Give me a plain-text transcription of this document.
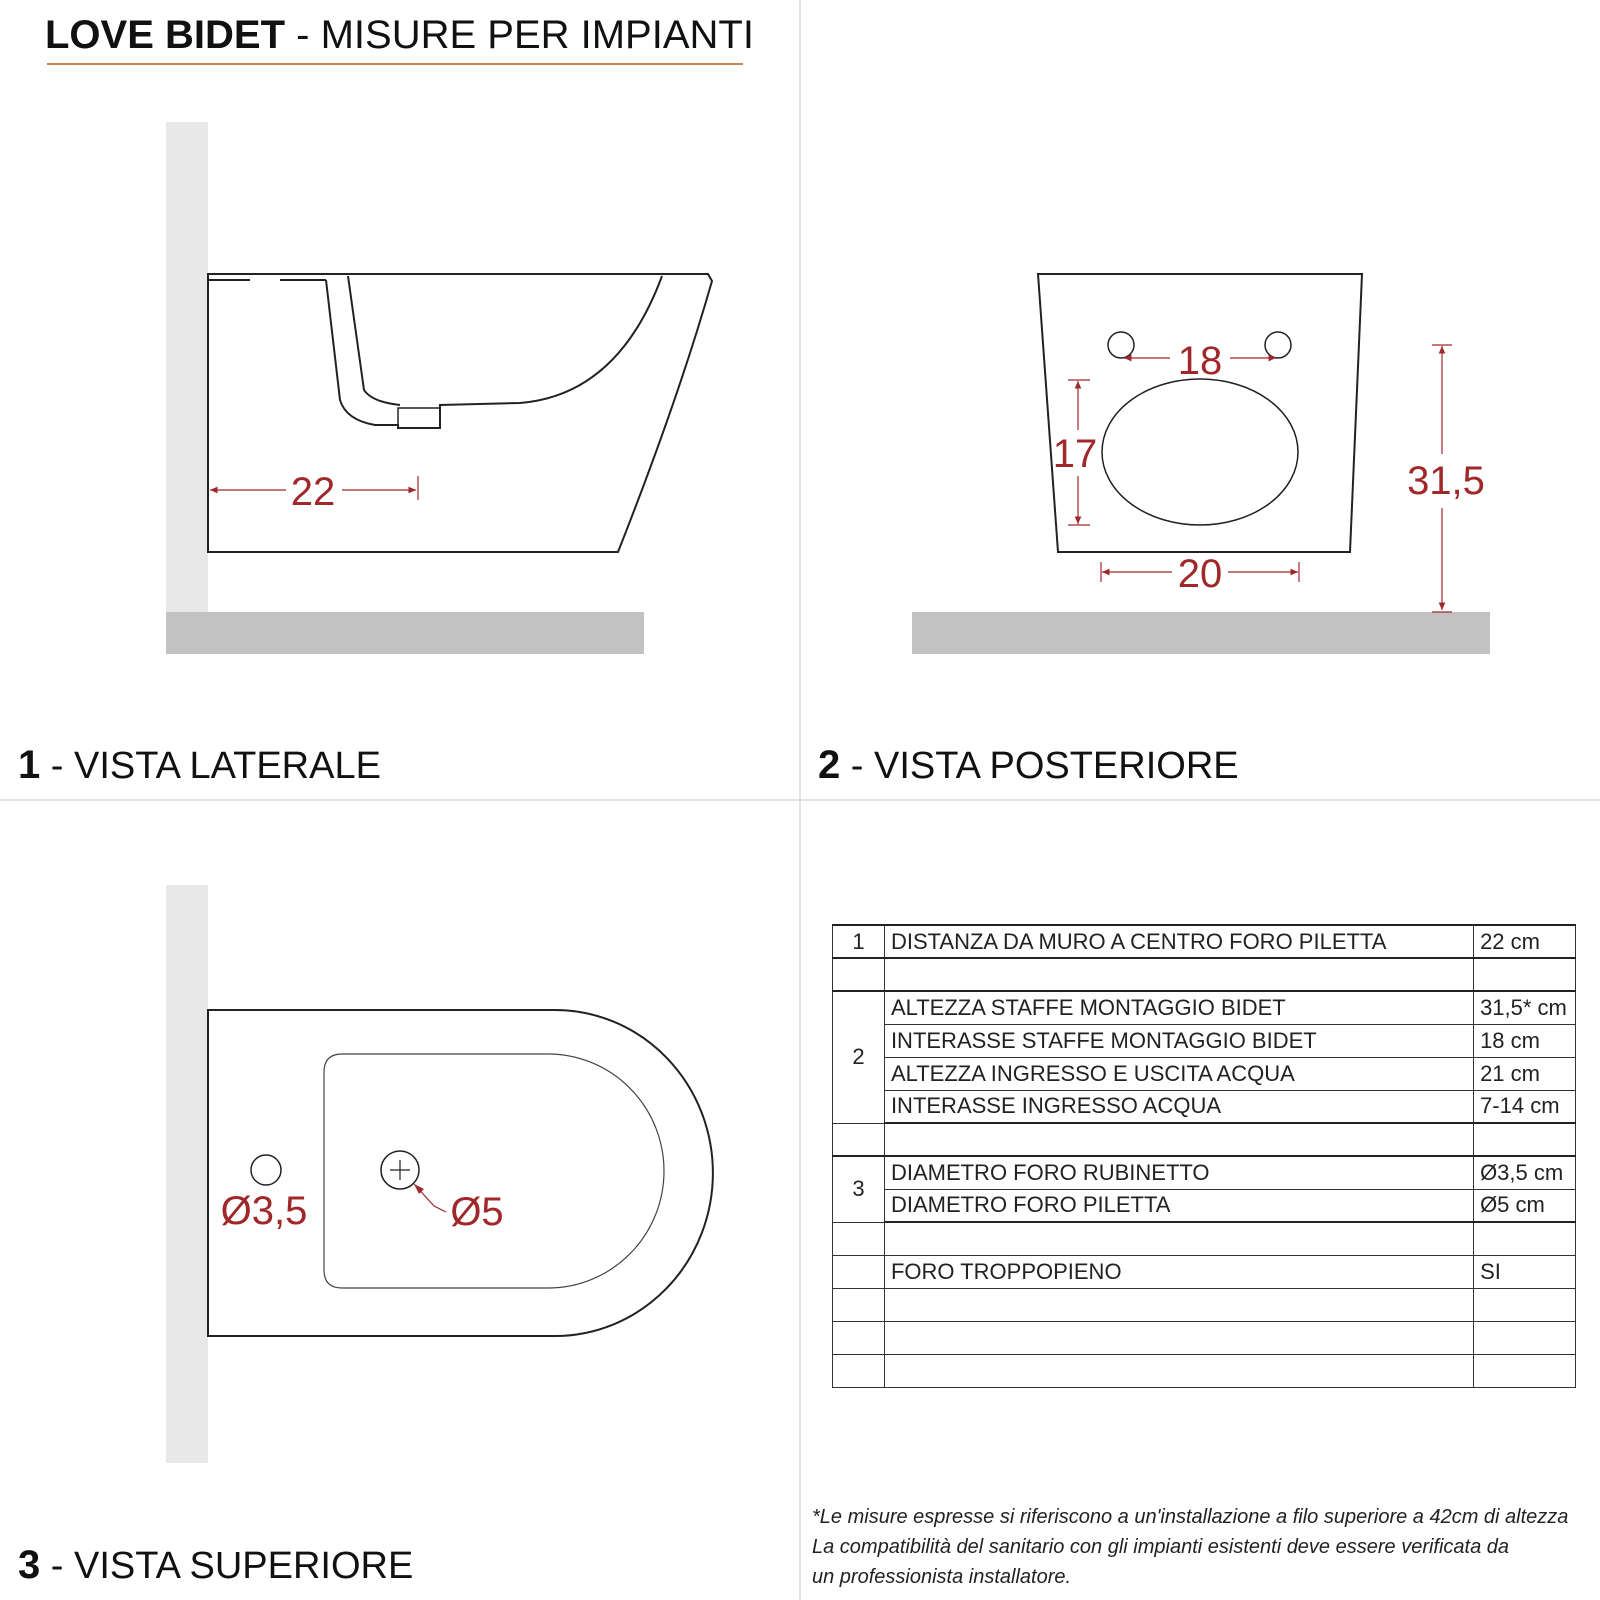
LOVE BIDET - MISURE PER IMPIANTI
22
1 - VISTA LATERALE
18
17
20
31,5
2 - VISTA POSTERIORE
Ø3,5	Ø5
3 - VISTA SUPERIORE
1	DISTANZA DA MURO A CENTRO FORO PILETTA	22 cm

2	ALTEZZA STAFFE MONTAGGIO BIDET	31,5* cm
	INTERASSE STAFFE MONTAGGIO BIDET	18 cm
	ALTEZZA INGRESSO E USCITA ACQUA	21 cm
	INTERASSE INGRESSO ACQUA	7-14 cm

3	DIAMETRO FORO RUBINETTO	Ø3,5 cm
	DIAMETRO FORO PILETTA	Ø5 cm

	FORO TROPPOPIENO	SI

*Le misure espresse si riferiscono a un'installazione a filo superiore a 42cm di altezza

La compatibilità del sanitario con gli impianti esistenti deve essere verificata da

un professionista installatore.
